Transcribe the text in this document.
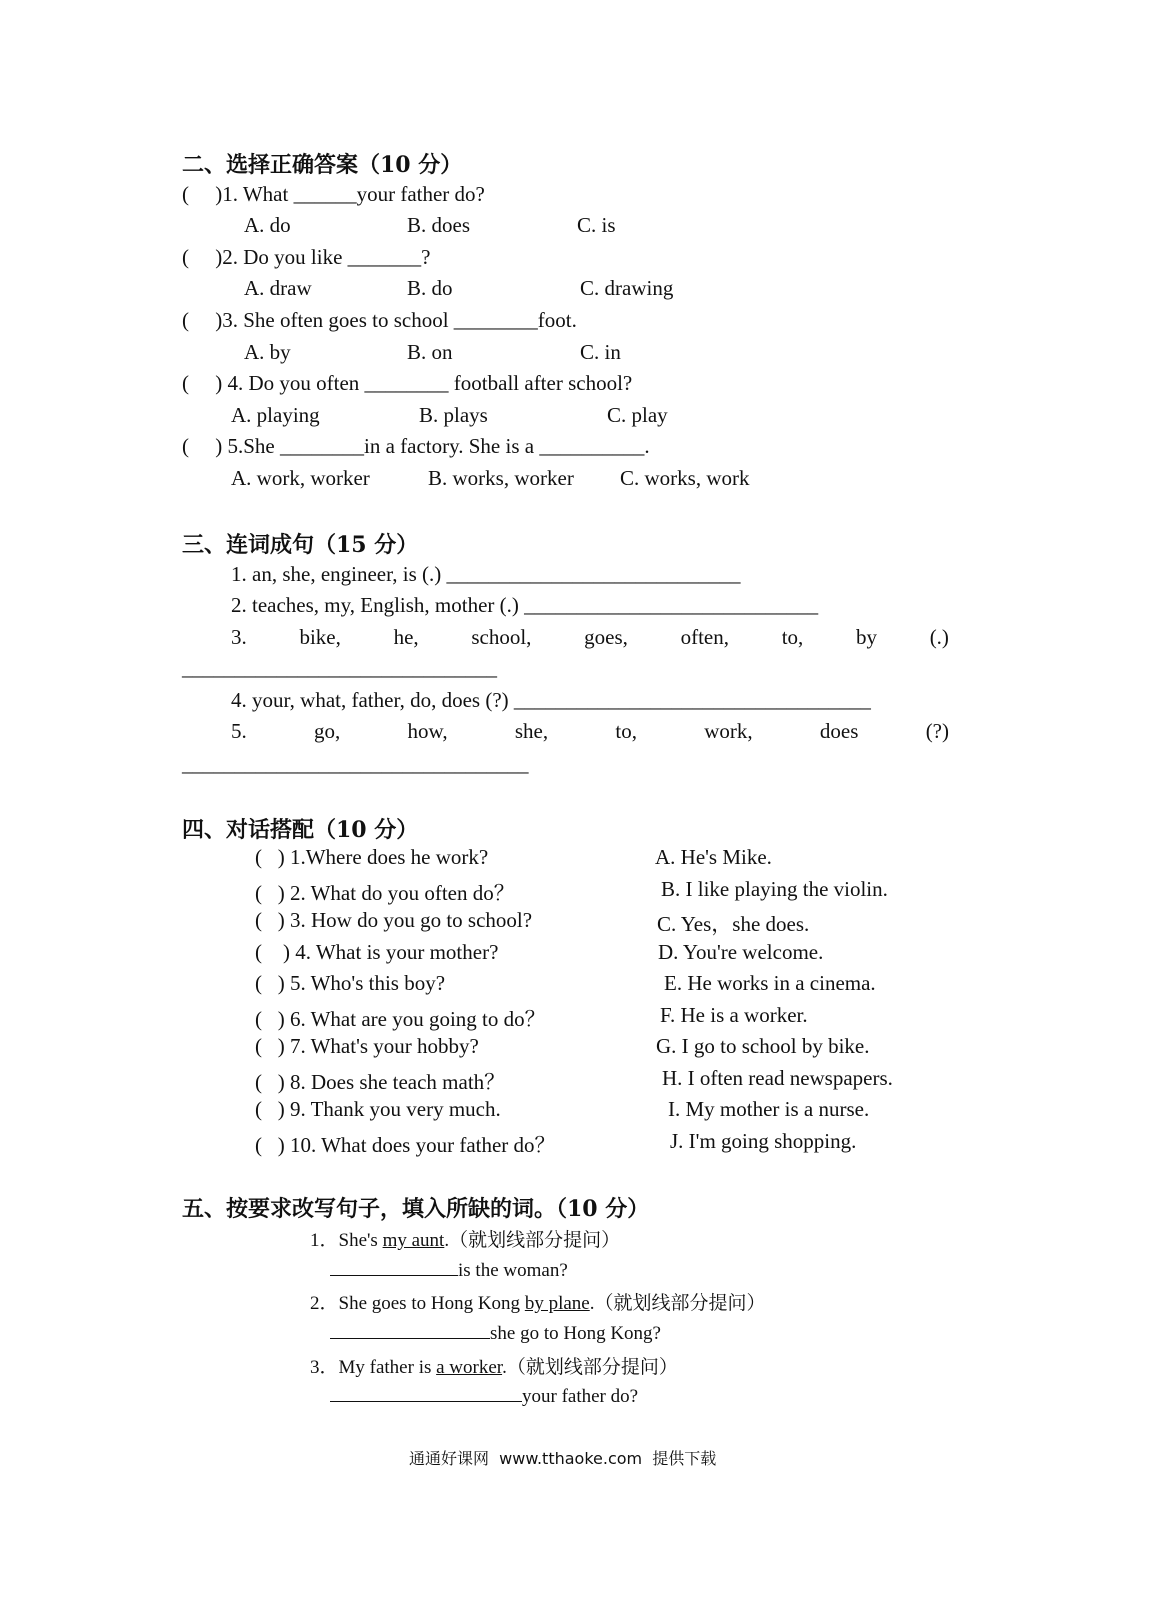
二、选择正确答案（10 分）
(     )1. What ______your father do?
A. do	B. does	C. is
(     )2. Do you like _______?
A. draw	B. do	C. drawing
(     )3. She often goes to school ________foot.
A. by	B. on	C. in
(     ) 4. Do you often ________ football after school?
A. playing	B. plays	C. play
(     ) 5.She ________in a factory. She is a __________.
A. work, worker	B. works, worker C. works, work
三、连词成句（15 分）
1. an, she, engineer, is (.) ____________________________
2. teaches, my, English, mother (.) ____________________________
3.	bike,	he,	school,	goes,	often,	to,	by	(.)
______________________________
4. your, what, father, do, does (?) __________________________________
5.	go,	how,	she,	to,	work,	does	(?)
_________________________________
四、对话搭配（10 分）
(   ) 1.Where does he work?
(   ) 2. What do you often do？
(   ) 3. How do you go to school?
(    ) 4. What is your mother?
(   ) 5. Who's this boy?
(   ) 6. What are you going to do？
(   ) 7. What's your hobby?
(   ) 8. Does she teach math？
(   ) 9. Thank you very much.
(   ) 10. What does your father do？
A. He's Mike.
B. I like playing the violin.
C. Yes，she does.
D. You're welcome.
E. He works in a cinema.
F. He is a worker.
G. I go to school by bike.
H. I often read newspapers.
I. My mother is a nurse.
J. I'm going shopping.
五、按要求改写句子，填入所缺的词。（10 分）
1．She's my aunt.（就划线部分提问）
is the woman?
2．She goes to Hong Kong by plane.（就划线部分提问）
she go to Hong Kong?
3．My father is a worker.（就划线部分提问）
your father do?
通通好课网  www.tthaoke.com  提供下载
